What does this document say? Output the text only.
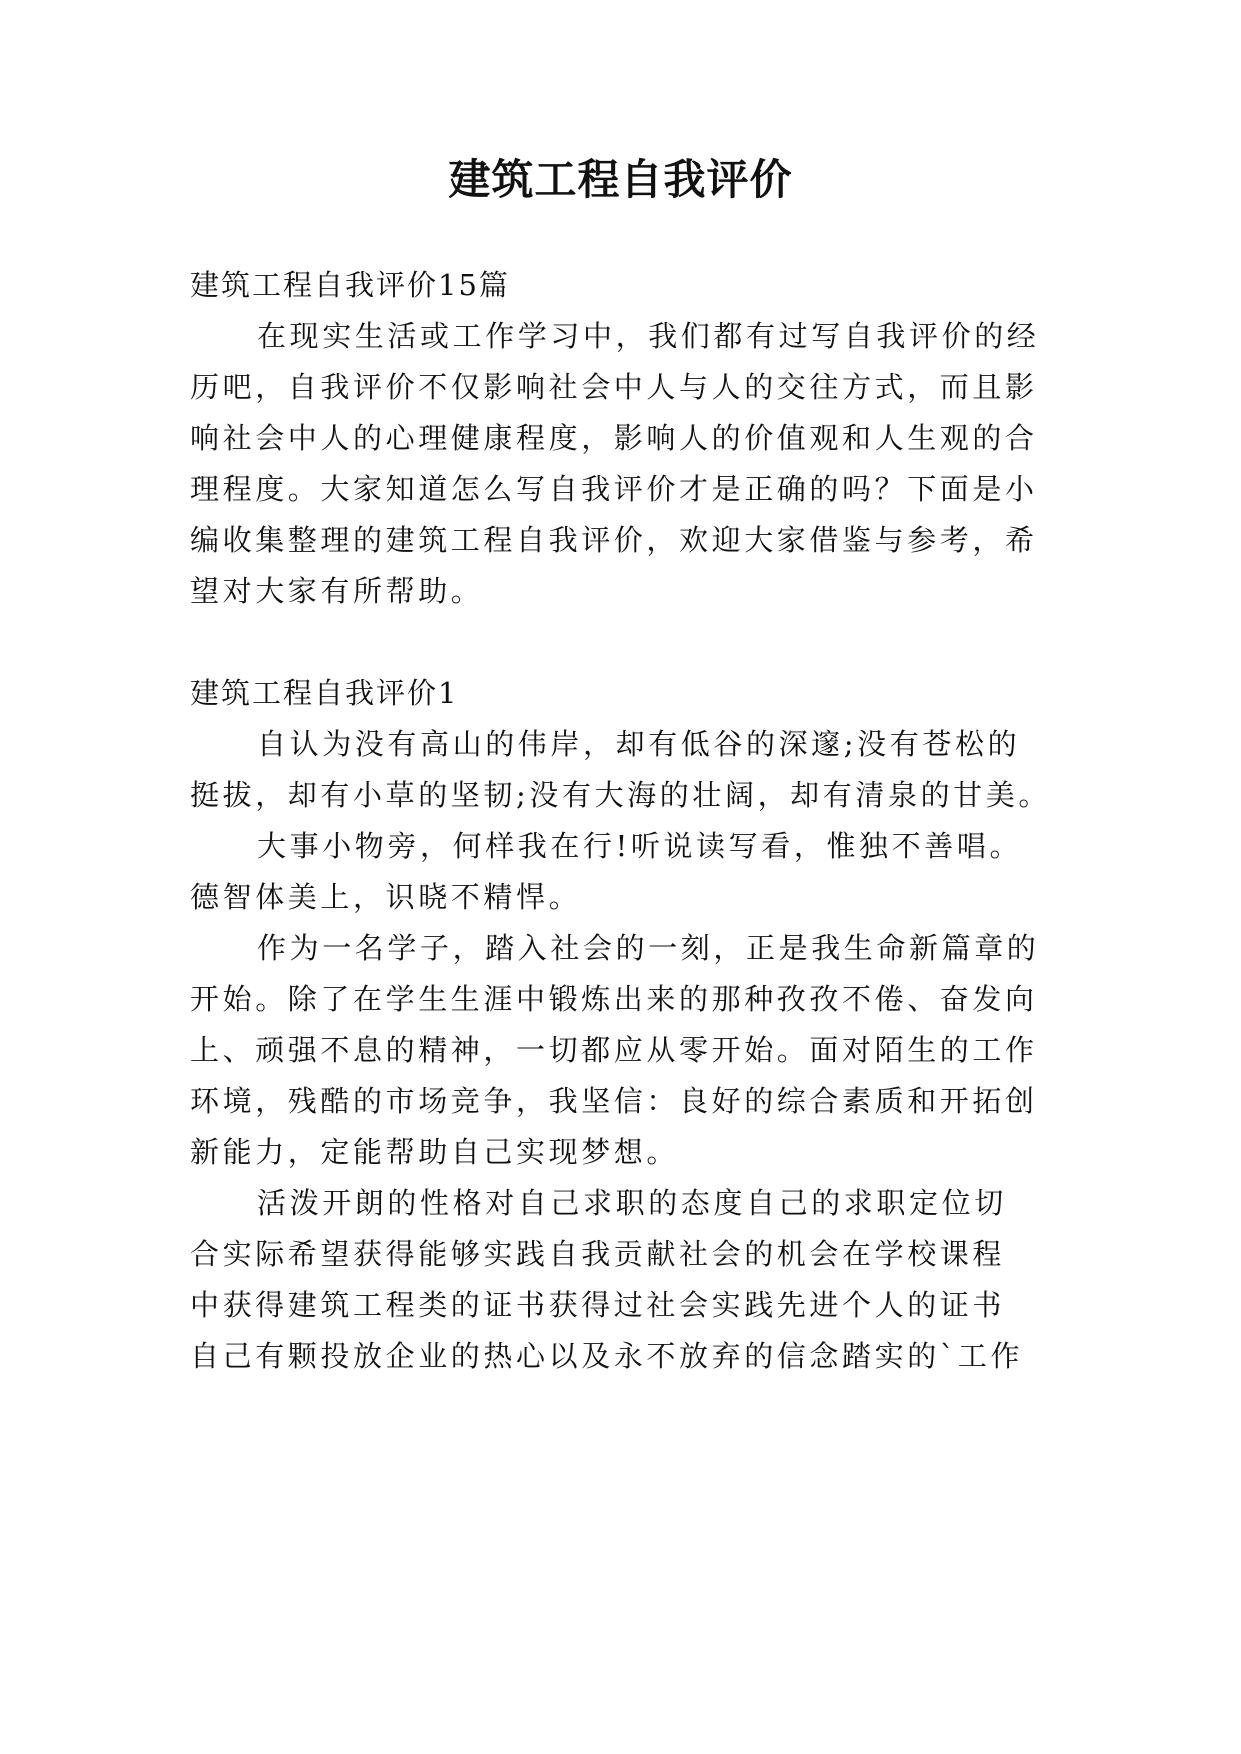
建筑工程自我评价
建筑工程自我评价15篇
在现实生活或工作学习中，我们都有过写自我评价的经
历吧，自我评价不仅影响社会中人与人的交往方式，而且影
响社会中人的心理健康程度，影响人的价值观和人生观的合
理程度。大家知道怎么写自我评价才是正确的吗？下面是小
编收集整理的建筑工程自我评价，欢迎大家借鉴与参考，希
望对大家有所帮助。
建筑工程自我评价1
自认为没有高山的伟岸，却有低谷的深邃;没有苍松的
挺拔，却有小草的坚韧;没有大海的壮阔，却有清泉的甘美。
大事小物旁，何样我在行!听说读写看，惟独不善唱。
德智体美上，识晓不精悍。
作为一名学子，踏入社会的一刻，正是我生命新篇章的
开始。除了在学生生涯中锻炼出来的那种孜孜不倦、奋发向
上、顽强不息的精神，一切都应从零开始。面对陌生的工作
环境，残酷的市场竞争，我坚信：良好的综合素质和开拓创
新能力，定能帮助自己实现梦想。
活泼开朗的性格对自己求职的态度自己的求职定位切
合实际希望获得能够实践自我贡献社会的机会在学校课程
中获得建筑工程类的证书获得过社会实践先进个人的证书
自己有颗投放企业的热心以及永不放弃的信念踏实的`工作
